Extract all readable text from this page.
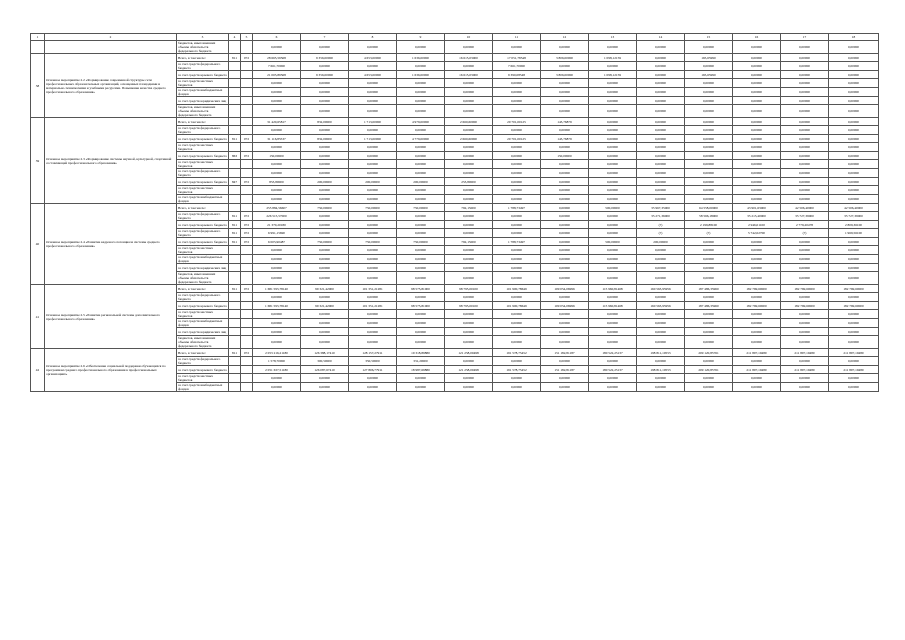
1	2	3	4	5	6	7	8	9	10	11	12	13	14	15	16	17	18
		бюджетов, иных внешних объемы обязательств федерального бюджета			0,00000	0,00000	0,00000	0,00000	0,00000	0,00000	0,00000	0,00000	0,00000	0,00000	0,00000	0,00000	0,00000
38	Основное мероприятие 2.2 «Формирование современной структуры сети профессиональных образовательных организаций, оснащенных площадками и материально-техническими и учебными ресурсами. Повышение качества среднего профессионального образования»	Всего, в том числе:	811	072	28 665,59568	9 356,00000	4 653,00000	1 636,00000	16 615,03000	17 051,78548	3 806,00000	1 098,12159	0,00000	165,65990	0,00000	0,00000	0,00000
		за счет средств федерального бюджета			7 661,70000	0,00000	0,00000	0,00000	0,00000	7 661,70000	0,00000	0,00000	0,00000	0,00000	0,00000	0,00000	0,00000
		за счет средств краевого бюджета			21 003,89568	9 356,00000	4 653,00000	1 636,00000	16 615,03000	9 390,08548	3 806,00000	1 098,12159	0,00000	165,65990	0,00000	0,00000	0,00000
		за счет средств местных бюджетов			0,00000	0,00000	0,00000	0,00000	0,00000	0,00000	0,00000	0,00000	0,00000	0,00000	0,00000	0,00000	0,00000
		за счет средств внебюджетных фондов			0,00000	0,00000	0,00000	0,00000	0,00000	0,00000	0,00000	0,00000	0,00000	0,00000	0,00000	0,00000	0,00000
		за счет средств юридических лиц			0,00000	0,00000	0,00000	0,00000	0,00000	0,00000	0,00000	0,00000	0,00000	0,00000	0,00000	0,00000	0,00000
		бюджетов, иных внешних объемы обязательств федерального бюджета			0,00000	0,00000	0,00000	0,00000	0,00000	0,00000	0,00000	0,00000	0,00000	0,00000	0,00000	0,00000	0,00000
39	Основное мероприятие 2.3 «Формирование системы научной, культурной, спортивной составляющей профессионального образования»	Всего, в том числе:			31 420,65817	832,00000	1 713,00000	4 979,00000	2 660,60000	20 701,00125	143,76879	0,00000	0,00000	0,00000	0,00000	0,00000	0,00000
		за счет средств федерального бюджета			0,00000	0,00000	0,00000	0,00000	0,00000	0,00000	0,00000	0,00000	0,00000	0,00000	0,00000	0,00000	0,00000
		за счет средств краевого бюджета	811	072	31 116,85537	832,00000	1 713,00000	4 779,00000	2 660,60000	20 701,00125	143,76879	0,00000	0,00000	0,00000	0,00000	0,00000	0,00000
		за счет средств местных бюджетов			0,00000	0,00000	0,00000	0,00000	0,00000	0,00000	0,00000	0,00000	0,00000	0,00000	0,00000	0,00000	0,00000
		за счет средств краевого бюджета	863	072	150,00000	0,00000	0,00000	0,00000	0,00000	0,00000	150,00000	0,00000	0,00000	0,00000	0,00000	0,00000	0,00000
		за счет средств местных бюджетов			0,00000	0,00000	0,00000	0,00000	0,00000	0,00000	0,00000	0,00000	0,00000	0,00000	0,00000	0,00000	0,00000
		за счет средств федерального бюджета			0,00000	0,00000	0,00000	0,00000	0,00000	0,00000	0,00000	0,00000	0,00000	0,00000	0,00000	0,00000	0,00000
		за счет средств краевого бюджета	847	072	853,80000	200,00000	200,00000	200,00000	253,80000	0,00000	0,00000	0,00000	0,00000	0,00000	0,00000	0,00000	0,00000
		за счет средств местных бюджетов			0,00000	0,00000	0,00000	0,00000	0,00000	0,00000	0,00000	0,00000	0,00000	0,00000	0,00000	0,00000	0,00000
		за счет средств внебюджетных фондов			0,00000	0,00000	0,00000	0,00000	0,00000	0,00000	0,00000	0,00000	0,00000	0,00000	0,00000	0,00000	0,00000
40	Основное мероприятие 2.4 «Развитие кадрового потенциала системы среднего профессионального образования»	Всего, в том числе:			255 884,56607	750,00000	750,00000	750,00000	792,15000	1 788,73497	0,00000	500,00000	35 967,35000	64 558,00000	43 901,63000	42 506,40000	42 506,40000
		за счет средств федерального бюджета	811	072	226 515,57000	0,00000	0,00000	0,00000	0,00000	0,00000	0,00000	0,00000	35 271,36000	58 566,18000	35 213,40000	35 727,39000	35 727,39000
		за счет средств краевого бюджета	811	072	21 370,20180	0,00000	0,00000	0,00000	0,00000	0,00000	0,00000	0,00000	(?)	2 199,88100	2 946,01100	2 779,20478	2 809,36100
		за счет средств федерального бюджета	811	072	6 991,15690	0,00000	0,00000	0,00000	0,00000	0,00000	0,00000	0,00000	(?)	(?)	5 742,02700	(?)	1 969,56100
		за счет средств краевого бюджета	811	072	6 005,90487	750,00000	750,00000	750,00000	792,15000	1 788,73497	0,00000	500,00000	200,00000	0,00000	0,00000	0,00000	0,00000
		за счет средств местных бюджетов			0,00000	0,00000	0,00000	0,00000	0,00000	0,00000	0,00000	0,00000	0,00000	0,00000	0,00000	0,00000	0,00000
		за счет средств внебюджетных фондов			0,00000	0,00000	0,00000	0,00000	0,00000	0,00000	0,00000	0,00000	0,00000	0,00000	0,00000	0,00000	0,00000
		за счет средств юридических лиц			0,00000	0,00000	0,00000	0,00000	0,00000	0,00000	0,00000	0,00000	0,00000	0,00000	0,00000	0,00000	0,00000
		бюджетов, иных внешних объемы обязательств федерального бюджета			0,00000	0,00000	0,00000	0,00000	0,00000	0,00000	0,00000	0,00000	0,00000	0,00000	0,00000	0,00000	0,00000
41	Основное мероприятие 2.5 «Развитие региональной системы дополнительного профессионального образования»	Всего, в том числе:	811	072	1 681 593,78140	99 321,42000	101 351,21281	98 575,81000	98 795,00100	101 900,78649	109 054,06996	115 960,81468	160 563,95956	187 486,35960	182 769,60000	182 769,60000	182 769,60000
		за счет средств федерального бюджета			0,00000	0,00000	0,00000	0,00000	0,00000	0,00000	0,00000	0,00000	0,00000	0,00000	0,00000	0,00000	0,00000
		за счет средств краевого бюджета			1 681 593,78140	99 321,42000	101 351,21281	98 575,81000	98 795,00100	101 900,78649	109 054,06996	115 960,81468	160 563,95956	187 486,35960	182 769,60000	182 769,60000	182 769,60000
		за счет средств местных бюджетов			0,00000	0,00000	0,00000	0,00000	0,00000	0,00000	0,00000	0,00000	0,00000	0,00000	0,00000	0,00000	0,00000
		за счет средств внебюджетных фондов			0,00000	0,00000	0,00000	0,00000	0,00000	0,00000	0,00000	0,00000	0,00000	0,00000	0,00000	0,00000	0,00000
		за счет средств юридических лиц			0,00000	0,00000	0,00000	0,00000	0,00000	0,00000	0,00000	0,00000	0,00000	0,00000	0,00000	0,00000	0,00000
		бюджетов, иных внешних объемы обязательств федерального бюджета			0,00000	0,00000	0,00000	0,00000	0,00000	0,00000	0,00000	0,00000	0,00000	0,00000	0,00000	0,00000	0,00000
42	Основное мероприятие 2.6 «Обеспечение социальной поддержки обучающихся по программам среднего профессионального образования в профессиональных организациях»	Всего, в том числе:	811	072	2 053 216,21180	126 388,17410	128 157,27911	19 318,89880	121 258,00498	191 578,75452	151 182,81187	180 522,25137	198 811,10553	209 120,85761	211 897,19480	211 897,19480	211 897,19480
		за счет средств федерального бюджета			1 578,70000	300,50000	350,50000	331,20000	0,00000	0,00000	0,00000	0,00000	0,00000	0,00000	0,00000	0,00000	0,00000
		за счет средств краевого бюджета			2 051 637,51180	126 087,67410	127 806,77911	18 987,69880	121 258,00498	191 578,75452	151 182,81187	180 522,25137	198 811,10553	209 120,85761	211 897,19480	211 897,19480	211 897,19480
		за счет средств местных бюджетов			0,00000	0,00000	0,00000	0,00000	0,00000	0,00000	0,00000	0,00000	0,00000	0,00000	0,00000	0,00000	0,00000
		за счет средств внебюджетных фондов			0,00000	0,00000	0,00000	0,00000	0,00000	0,00000	0,00000	0,00000	0,00000	0,00000	0,00000	0,00000	0,00000
